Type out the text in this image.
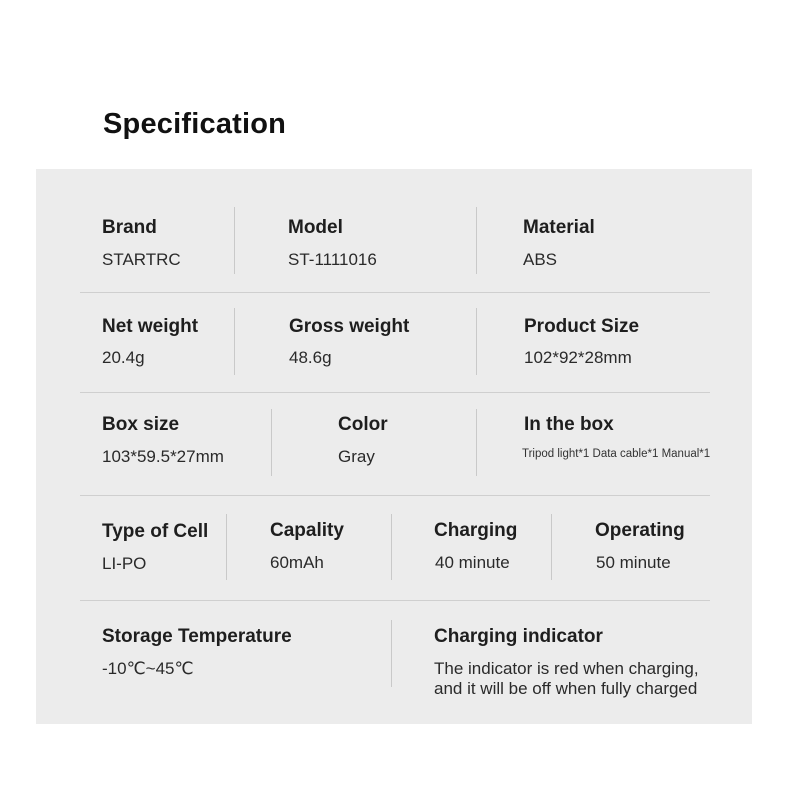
Specification
Brand
STARTRC
Model
ST-1111016
Material
ABS
Net weight
20.4g
Gross weight
48.6g
Product Size
102*92*28mm
Box size
103*59.5*27mm
Color
Gray
In the box
Tripod light*1 Data cable*1 Manual*1
Type of Cell
LI-PO
Capality
60mAh
Charging
40 minute
Operating
50 minute
Storage Temperature
-10℃~45℃
Charging indicator
The indicator is red when charging,
and it will be off when fully charged
